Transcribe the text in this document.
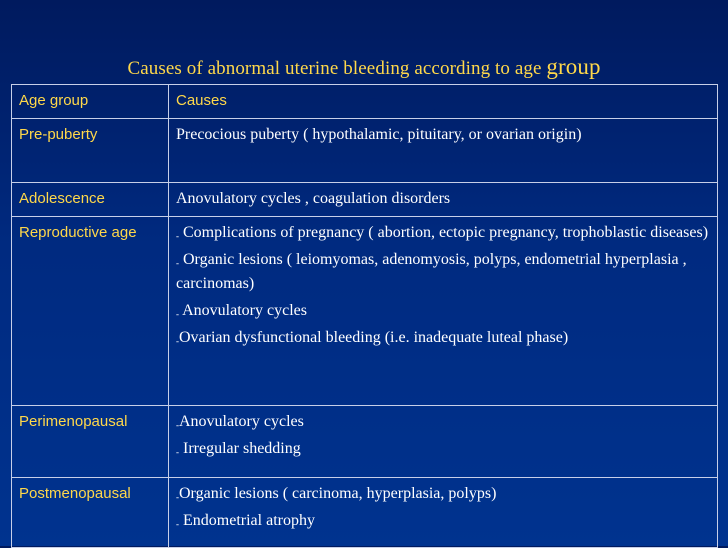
Causes of abnormal uterine bleeding according to age group
Age group	Causes
Pre-puberty	Precocious puberty ( hypothalamic, pituitary, or ovarian origin)

Adolescence	Anovulatory cycles , coagulation disorders

Reproductive age	- Complications of pregnancy ( abortion, ectopic pregnancy, trophoblastic diseases)
- Organic lesions ( leiomyomas, adenomyosis, polyps, endometrial hyperplasia , carcinomas)
- Anovulatory cycles
-Ovarian dysfunctional bleeding (i.e. inadequate luteal phase)

Perimenopausal	-Anovulatory cycles
- Irregular shedding

Postmenopausal	-Organic lesions ( carcinoma, hyperplasia, polyps)
- Endometrial atrophy
